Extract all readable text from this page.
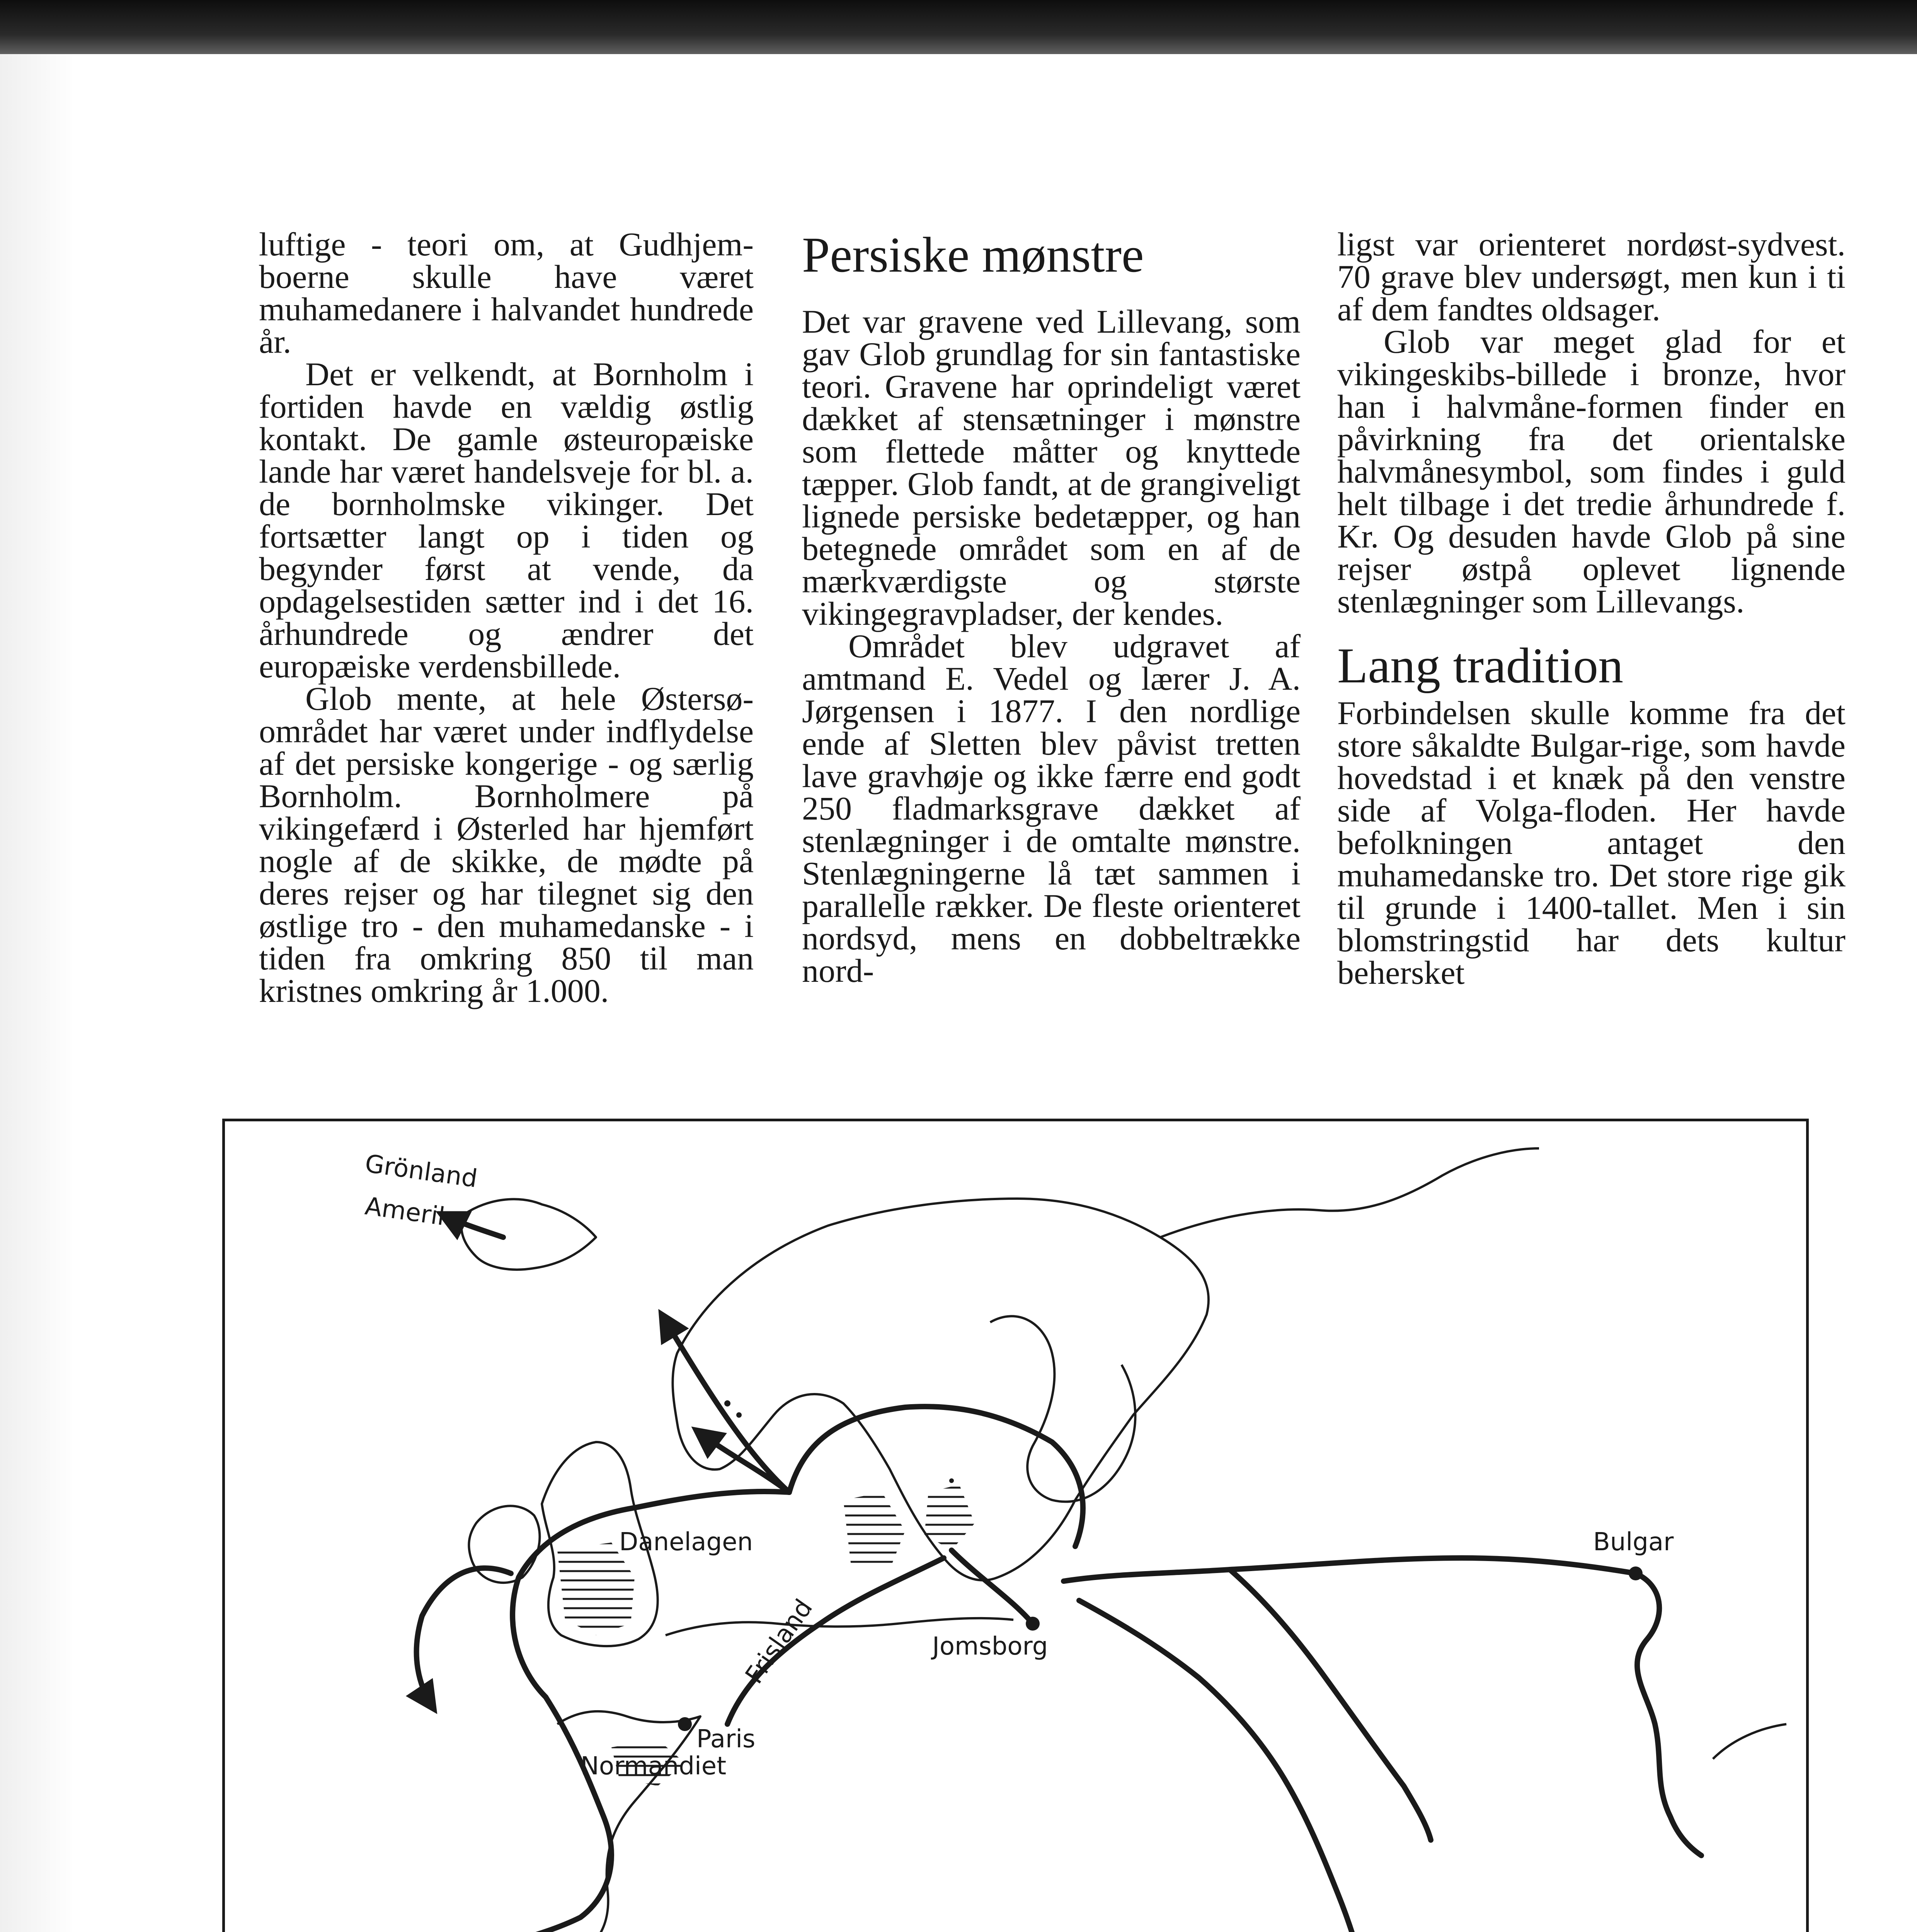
luftige - teori om, at Gudhjem-boerne skulle have været muhamedanere i halvandet hundrede år.

Det er velkendt, at Bornholm i fortiden havde en vældig østlig kontakt. De gamle østeuropæiske lande har været handelsveje for bl. a. de bornholmske vikinger. Det fortsætter langt op i tiden og begynder først at vende, da opdagelsestiden sætter ind i det 16. århundrede og ændrer det europæiske verdensbillede.

Glob mente, at hele Østersø-området har været under indflydelse af det persiske kongerige - og særlig Bornholm. Bornholmere på vikingefærd i Østerled har hjemført nogle af de skikke, de mødte på deres rejser og har tilegnet sig den østlige tro - den muhamedanske - i tiden fra omkring 850 til man kristnes omkring år 1.000.

Persiske mønstre

Det var gravene ved Lillevang, som gav Glob grundlag for sin fantastiske teori. Gravene har oprindeligt været dækket af stensætninger i mønstre som flettede måtter og knyttede tæpper. Glob fandt, at de grangiveligt lignede persiske bedetæpper, og han betegnede området som en af de mærkværdigste og største vikingegravpladser, der kendes.

Området blev udgravet af amtmand E. Vedel og lærer J. A. Jørgensen i 1877. I den nordlige ende af Sletten blev påvist tretten lave gravhøje og ikke færre end godt 250 fladmarksgrave dækket af stenlægninger i de omtalte mønstre. Stenlægningerne lå tæt sammen i parallelle rækker. De fleste orienteret nordsyd, mens en dobbeltrække nord-

ligst var orienteret nordøst-sydvest. 70 grave blev undersøgt, men kun i ti af dem fandtes oldsager.

Glob var meget glad for et vikingeskibs-billede i bronze, hvor han i halvmåne-formen finder en påvirkning fra det orientalske halvmånesymbol, som findes i guld helt tilbage i det tredie århundrede f. Kr. Og desuden havde Glob på sine rejser østpå oplevet lignende stenlægninger som Lillevangs.

Lang tradition

Forbindelsen skulle komme fra det store såkaldte Bulgar-rige, som havde hovedstad i et knæk på den venstre side af Volga-floden. Her havde befolkningen antaget den muhamedanske tro. Det store rige gik til grunde i 1400-tallet. Men i sin blomstringstid har dets kultur behersket

Grönland
Amerika
Danelagen
Frisland	Jomsborg
Paris
Normandiet
Bulgar
